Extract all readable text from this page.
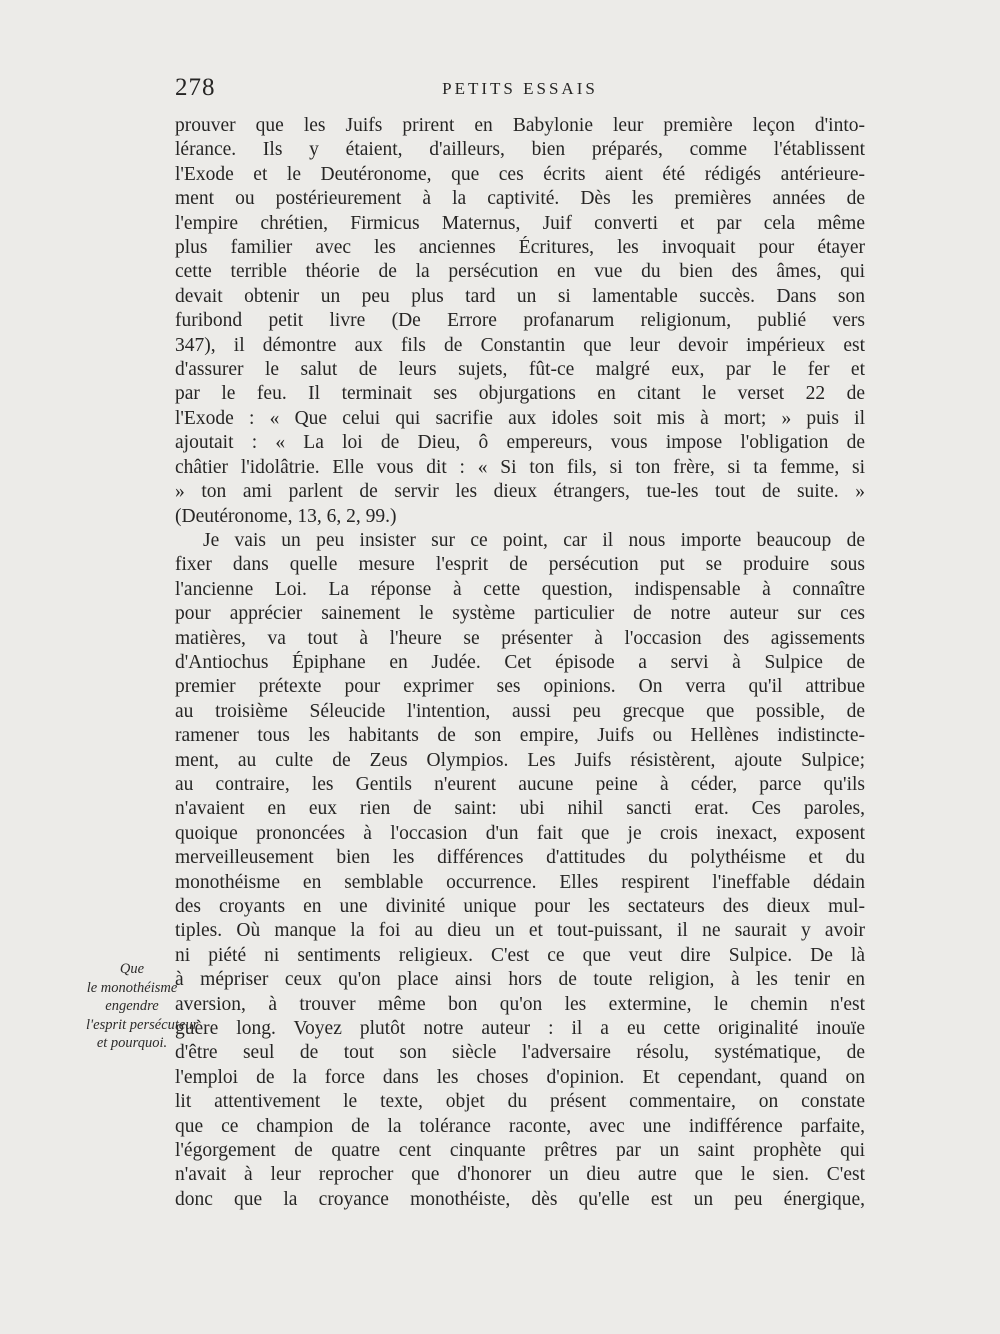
278	PETITS ESSAIS

prouver que les Juifs prirent en Babylonie leur première leçon d'into-
lérance. Ils y étaient, d'ailleurs, bien préparés, comme l'établissent
l'Exode et le Deutéronome, que ces écrits aient été rédigés antérieure-
ment ou postérieurement à la captivité. Dès les premières années de
l'empire chrétien, Firmicus Maternus, Juif converti et par cela même
plus familier avec les anciennes Écritures, les invoquait pour étayer
cette terrible théorie de la persécution en vue du bien des âmes, qui
devait obtenir un peu plus tard un si lamentable succès. Dans son
furibond petit livre (De Errore profanarum religionum, publié vers
347), il démontre aux fils de Constantin que leur devoir impérieux est
d'assurer le salut de leurs sujets, fût-ce malgré eux, par le fer et
par le feu. Il terminait ses objurgations en citant le verset 22 de
l'Exode : « Que celui qui sacrifie aux idoles soit mis à mort; » puis il
ajoutait : « La loi de Dieu, ô empereurs, vous impose l'obligation de
châtier l'idolâtrie. Elle vous dit : « Si ton fils, si ton frère, si ta femme, si
» ton ami parlent de servir les dieux étrangers, tue-les tout de suite. »
(Deutéronome, 13, 6, 2, 99.)

Je vais un peu insister sur ce point, car il nous importe beaucoup de
fixer dans quelle mesure l'esprit de persécution put se produire sous
l'ancienne Loi. La réponse à cette question, indispensable à connaître
pour apprécier sainement le système particulier de notre auteur sur ces
matières, va tout à l'heure se présenter à l'occasion des agissements
d'Antiochus Épiphane en Judée. Cet épisode a servi à Sulpice de
premier prétexte pour exprimer ses opinions. On verra qu'il attribue
au troisième Séleucide l'intention, aussi peu grecque que possible, de
ramener tous les habitants de son empire, Juifs ou Hellènes indistincte-
ment, au culte de Zeus Olympios. Les Juifs résistèrent, ajoute Sulpice;
au contraire, les Gentils n'eurent aucune peine à céder, parce qu'ils
n'avaient en eux rien de saint: ubi nihil sancti erat. Ces paroles,
quoique prononcées à l'occasion d'un fait que je crois inexact, exposent
merveilleusement bien les différences d'attitudes du polythéisme et du
monothéisme en semblable occurrence. Elles respirent l'ineffable dédain
des croyants en une divinité unique pour les sectateurs des dieux mul-
tiples. Où manque la foi au dieu un et tout-puissant, il ne saurait y avoir
ni piété ni sentiments religieux. C'est ce que veut dire Sulpice. De là
à mépriser ceux qu'on place ainsi hors de toute religion, à les tenir en
aversion, à trouver même bon qu'on les extermine, le chemin n'est
guère long. Voyez plutôt notre auteur : il a eu cette originalité inouïe
d'être seul de tout son siècle l'adversaire résolu, systématique, de
l'emploi de la force dans les choses d'opinion. Et cependant, quand on
lit attentivement le texte, objet du présent commentaire, on constate
que ce champion de la tolérance raconte, avec une indifférence parfaite,
l'égorgement de quatre cent cinquante prêtres par un saint prophète qui
n'avait à leur reprocher que d'honorer un dieu autre que le sien. C'est
donc que la croyance monothéiste, dès qu'elle est un peu énergique,

Que
le monothéisme
engendre
l'esprit persécuteur
et pourquoi.
